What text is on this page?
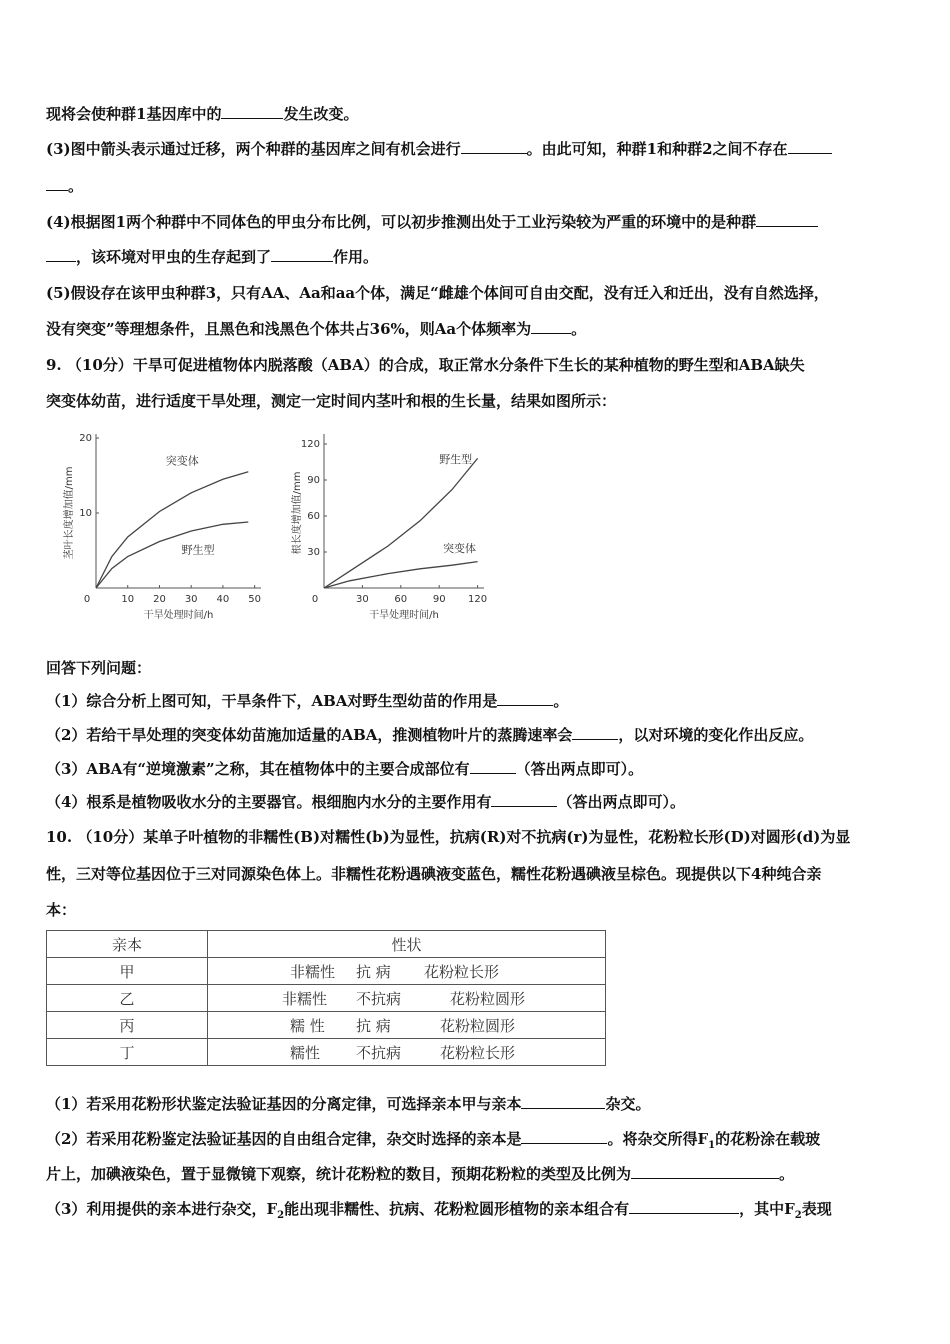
现将会使种群1基因库中的	发生改变。
(3)图中箭头表示通过迁移，两个种群的基因库之间有机会进行	。由此可知，种群1和种群2之间不存在
。
(4)根据图1两个种群中不同体色的甲虫分布比例，可以初步推测出处于工业污染较为严重的环境中的是种群
，该环境对甲虫的生存起到了	作用。
(5)假设存在该甲虫种群3，只有AA、Aa和aa个体，满足“雌雄个体间可自由交配，没有迁入和迁出，没有自然选择，
没有突变”等理想条件，且黑色和浅黑色个体共占36%，则Aa个体频率为	。
9. （10分）干旱可促进植物体内脱落酸（ABA）的合成，取正常水分条件下生长的某种植物的野生型和ABA缺失
突变体幼苗，进行适度干旱处理，测定一定时间内茎叶和根的生长量，结果如图所示：
10 20 30 40 50
10
20
0
干旱处理时间/h
茎叶长度增加值/mm
突变体
野生型
30	60	90 120
30
60
90
120
0
干旱处理时间/h
根长度增加值/mm
野生型
突变体
回答下列问题：
（1）综合分析上图可知，干旱条件下，ABA对野生型幼苗的作用是	。
（2）若给干旱处理的突变体幼苗施加适量的ABA，推测植物叶片的蒸腾速率会	，以对环境的变化作出反应。
（3）ABA有“逆境激素”之称，其在植物体中的主要合成部位有	（答出两点即可）。
（4）根系是植物吸收水分的主要器官。根细胞内水分的主要作用有	（答出两点即可）。
10. （10分）某单子叶植物的非糯性(B)对糯性(b)为显性，抗病(R)对不抗病(r)为显性，花粉粒长形(D)对圆形(d)为显
性，三对等位基因位于三对同源染色体上。非糯性花粉遇碘液变蓝色，糯性花粉遇碘液呈棕色。现提供以下4种纯合亲
本：
亲本	性状
甲	非糯性 抗 病 花粉粒长形
乙	非糯性 不抗病 花粉粒圆形
丙	糯 性 抗 病 花粉粒圆形
丁	糯性 不抗病 花粉粒长形
（1）若采用花粉形状鉴定法验证基因的分离定律，可选择亲本甲与亲本	杂交。
（2）若采用花粉鉴定法验证基因的自由组合定律，杂交时选择的亲本是	。将杂交所得$F_1$的花粉涂在载玻
片上，加碘液染色，置于显微镜下观察，统计花粉粒的数目，预期花粉粒的类型及比例为	。
（3）利用提供的亲本进行杂交，$F_2$能出现非糯性、抗病、花粉粒圆形植物的亲本组合有	，其中$F_2$表现
